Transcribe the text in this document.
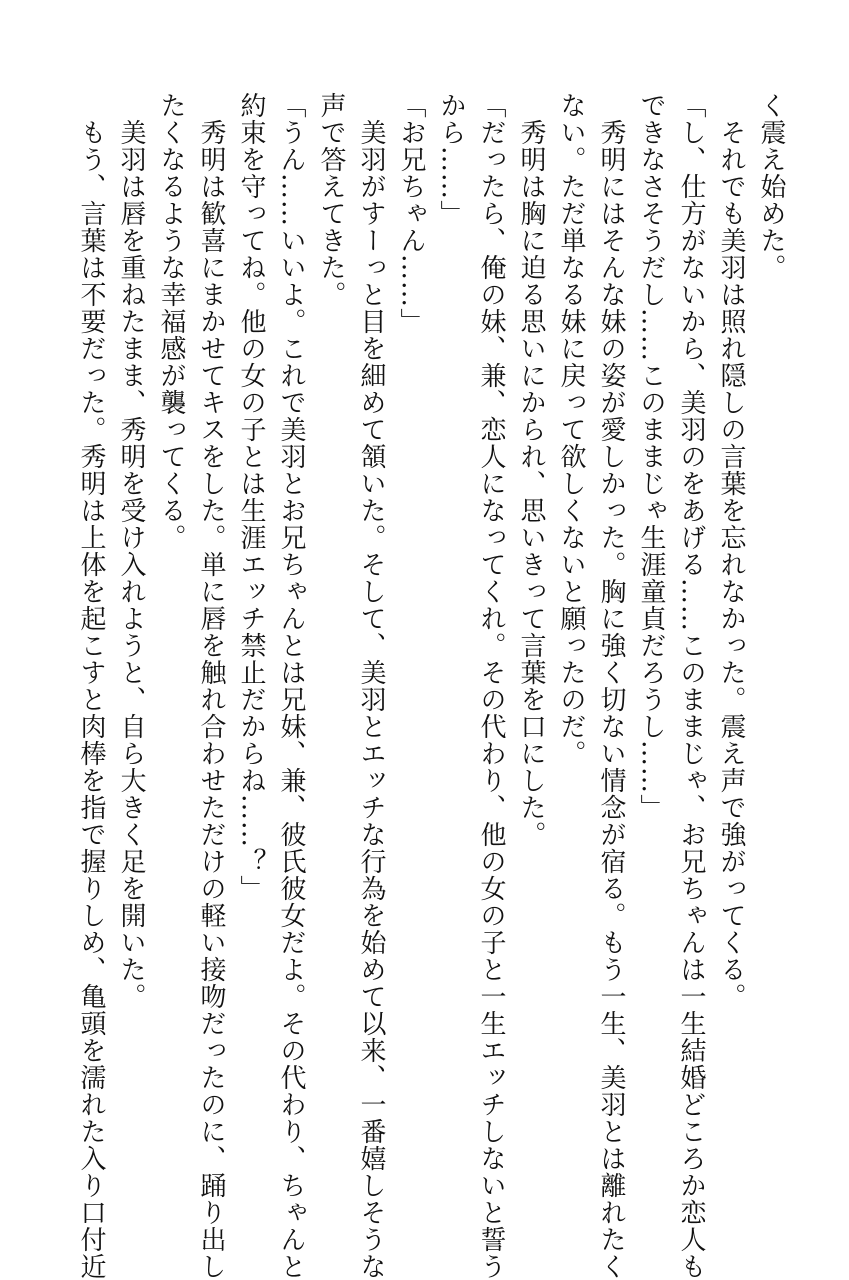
く震え始めた。
　それでも美羽は照れ隠しの言葉を忘れなかった。震え声で強がってくる。
「し、仕方がないから、美羽のをあげる……このままじゃ、お兄ちゃんは一生結婚どころか恋人も
できなさそうだし……このままじゃ生涯童貞だろうし……」
　秀明にはそんな妹の姿が愛しかった。胸に強く切ない情念が宿る。もう一生、美羽とは離れたく
ない。ただ単なる妹に戻って欲しくないと願ったのだ。
　秀明は胸に迫る思いにかられ、思いきって言葉を口にした。
「だったら、俺の妹、兼、恋人になってくれ。その代わり、他の女の子と一生エッチしないと誓う
から……」
「お兄ちゃん……」
　美羽がすーっと目を細めて頷いた。そして、美羽とエッチな行為を始めて以来、一番嬉しそうな
声で答えてきた。
「うん……いいよ。これで美羽とお兄ちゃんとは兄妹、兼、彼氏彼女だよ。その代わり、ちゃんと
約束を守ってね。他の女の子とは生涯エッチ禁止だからね……？」
　秀明は歓喜にまかせてキスをした。単に唇を触れ合わせただけの軽い接吻だったのに、踊り出し
たくなるような幸福感が襲ってくる。
　美羽は唇を重ねたまま、秀明を受け入れようと、自ら大きく足を開いた。
　もう、言葉は不要だった。秀明は上体を起こすと肉棒を指で握りしめ、亀頭を濡れた入り口付近
